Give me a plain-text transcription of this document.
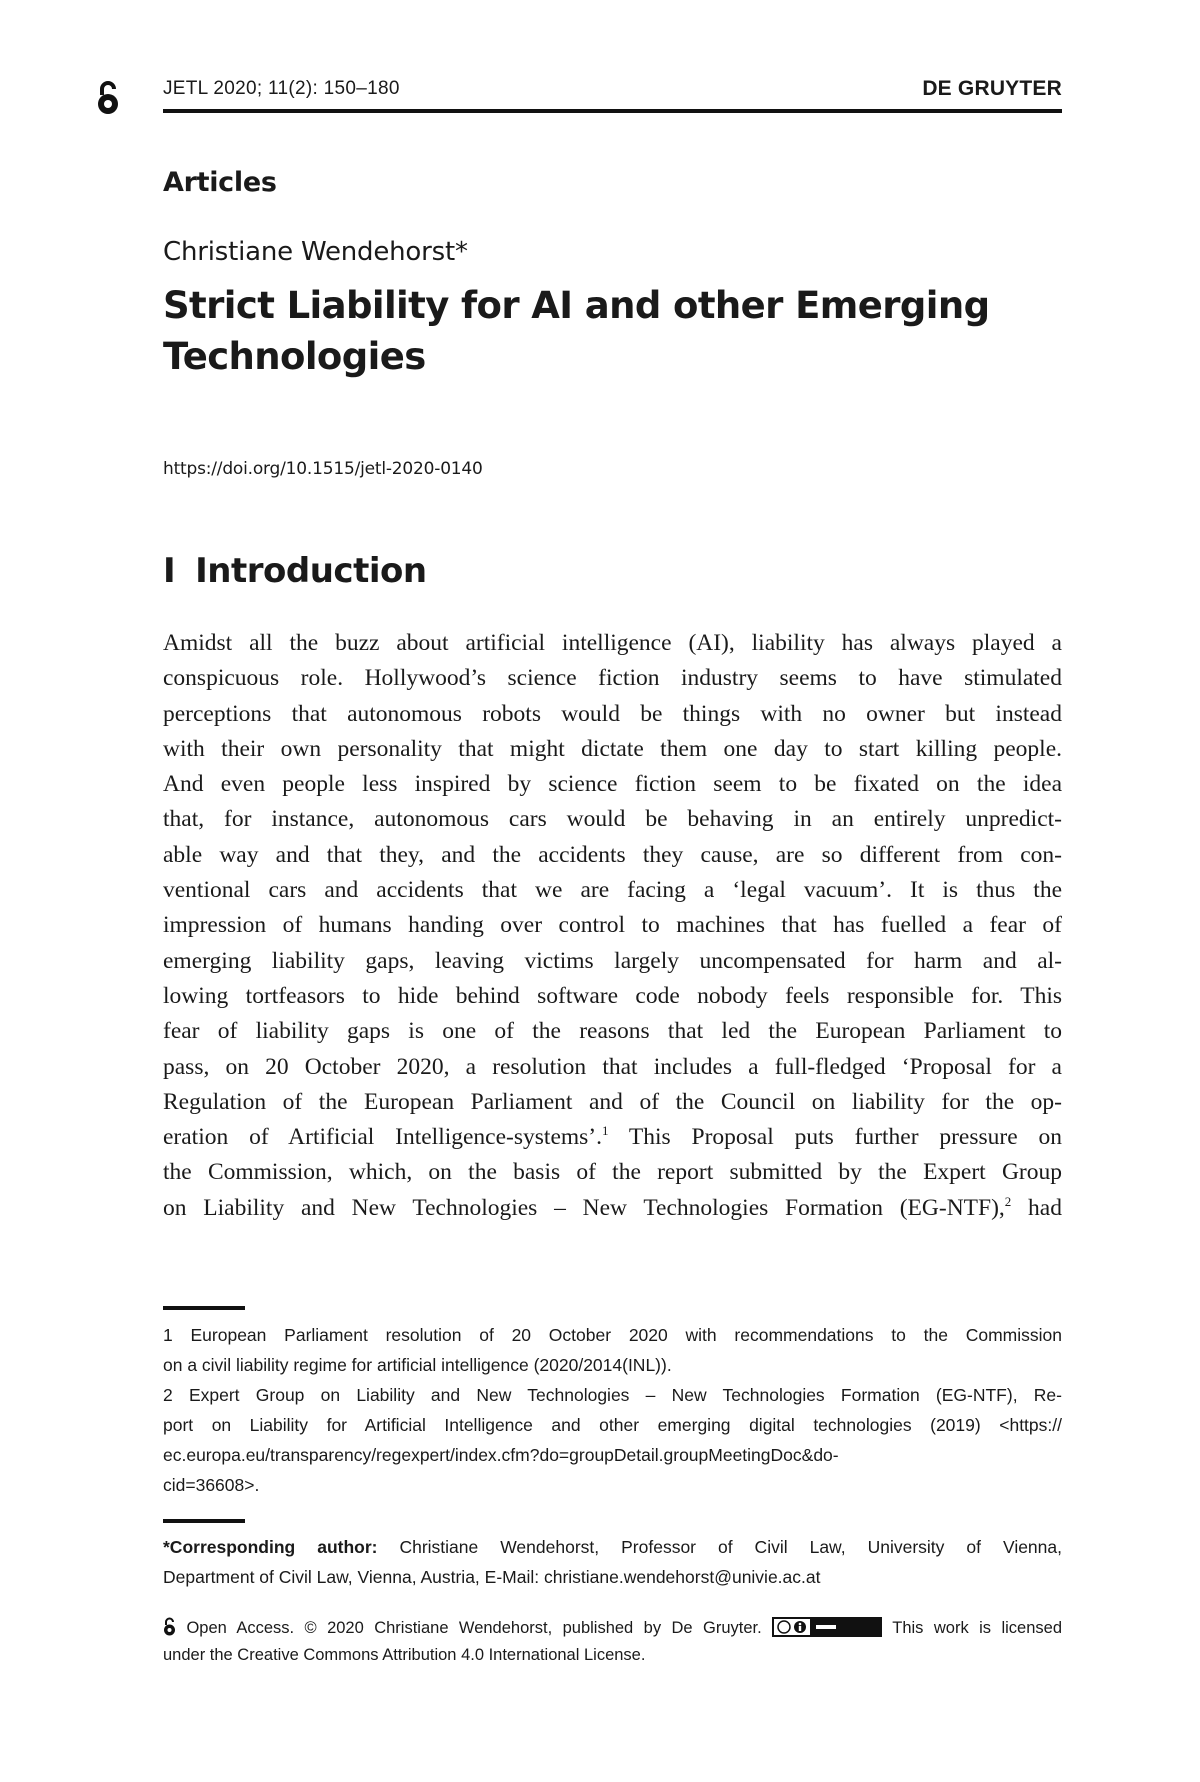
JETL 2020; 11(2): 150–180	DE GRUYTER
Articles
Christiane Wendehorst*
Strict Liability for AI and other Emerging Technologies
https://doi.org/10.1515/jetl-2020-0140
I Introduction
Amidst all the buzz about artificial intelligence (AI), liability has always played a
conspicuous role. Hollywood’s science fiction industry seems to have stimulated
perceptions that autonomous robots would be things with no owner but instead
with their own personality that might dictate them one day to start killing people.
And even people less inspired by science fiction seem to be fixated on the idea
that, for instance, autonomous cars would be behaving in an entirely unpredict-
able way and that they, and the accidents they cause, are so different from con-
ventional cars and accidents that we are facing a ‘legal vacuum’. It is thus the
impression of humans handing over control to machines that has fuelled a fear of
emerging liability gaps, leaving victims largely uncompensated for harm and al-
lowing tortfeasors to hide behind software code nobody feels responsible for. This
fear of liability gaps is one of the reasons that led the European Parliament to
pass, on 20 October 2020, a resolution that includes a full-fledged ‘Proposal for a
Regulation of the European Parliament and of the Council on liability for the op-
eration of Artificial Intelligence-systems’.$^1$ This Proposal puts further pressure on
the Commission, which, on the basis of the report submitted by the Expert Group
on Liability and New Technologies – New Technologies Formation (EG-NTF),$^2$ had
1 European Parliament resolution of 20 October 2020 with recommendations to the Commission
on a civil liability regime for artificial intelligence (2020/2014(INL)).
2 Expert Group on Liability and New Technologies – New Technologies Formation (EG-NTF), Re-
port on Liability for Artificial Intelligence and other emerging digital technologies (2019) <https://
ec.europa.eu/transparency/regexpert/index.cfm?do=groupDetail.groupMeetingDoc&do-
cid=36608>.
*Corresponding author: Christiane Wendehorst, Professor of Civil Law, University of Vienna,
Department of Civil Law, Vienna, Austria, E-Mail: christiane.wendehorst@univie.ac.at
Open Access. © 2020 Christiane Wendehorst, published by De Gruyter.	This work is licensed
under the Creative Commons Attribution 4.0 International License.
